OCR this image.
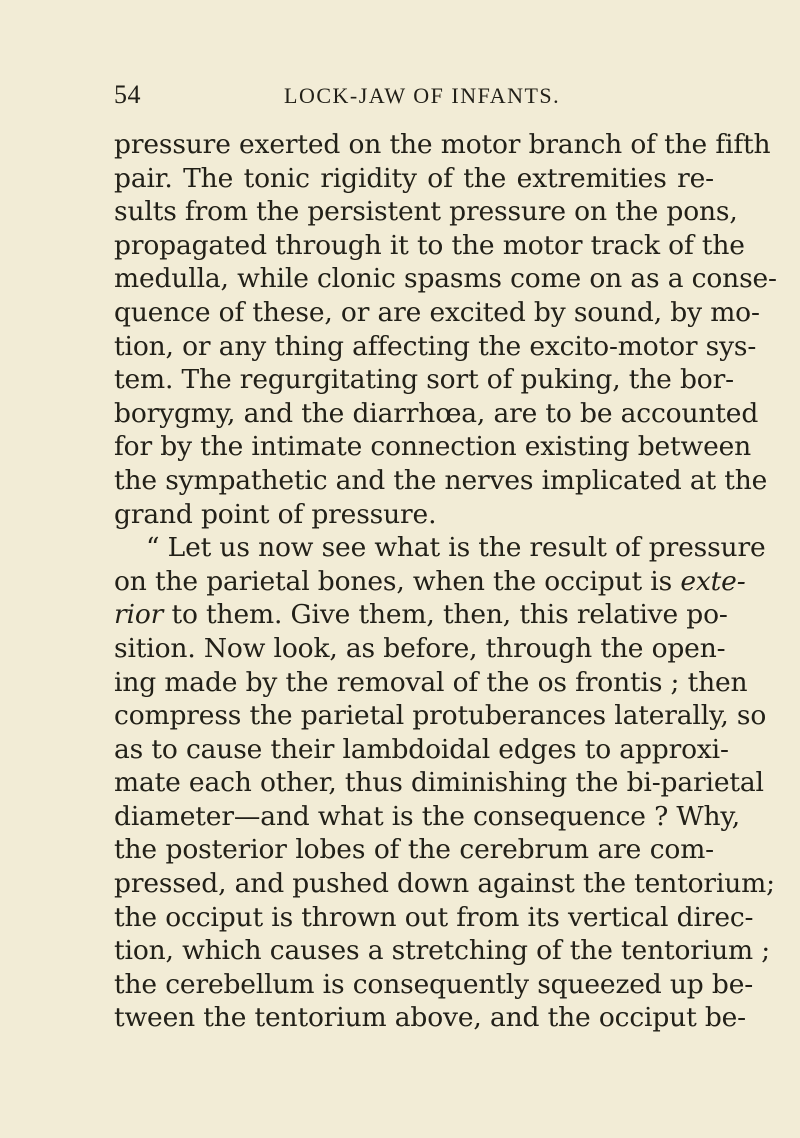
54	LOCK-JAW OF INFANTS.
pressure exerted on the motor branch of the fifth
pair. The tonic rigidity of the extremities re-
sults from the persistent pressure on the pons,
propagated through it to the motor track of the
medulla, while clonic spasms come on as a conse-
quence of these, or are excited by sound, by mo-
tion, or any thing affecting the excito-motor sys-
tem. The regurgitating sort of puking, the bor-
borygmy, and the diarrhœa, are to be accounted
for by the intimate connection existing between
the sympathetic and the nerves implicated at the
grand point of pressure.
“ Let us now see what is the result of pressure
on the parietal bones, when the occiput is exte-
rior to them. Give them, then, this relative po-
sition. Now look, as before, through the open-
ing made by the removal of the os frontis ; then
compress the parietal protuberances laterally, so
as to cause their lambdoidal edges to approxi-
mate each other, thus diminishing the bi-parietal
diameter—and what is the consequence ? Why,
the posterior lobes of the cerebrum are com-
pressed, and pushed down against the tentorium;
the occiput is thrown out from its vertical direc-
tion, which causes a stretching of the tentorium ;
the cerebellum is consequently squeezed up be-
tween the tentorium above, and the occiput be-
